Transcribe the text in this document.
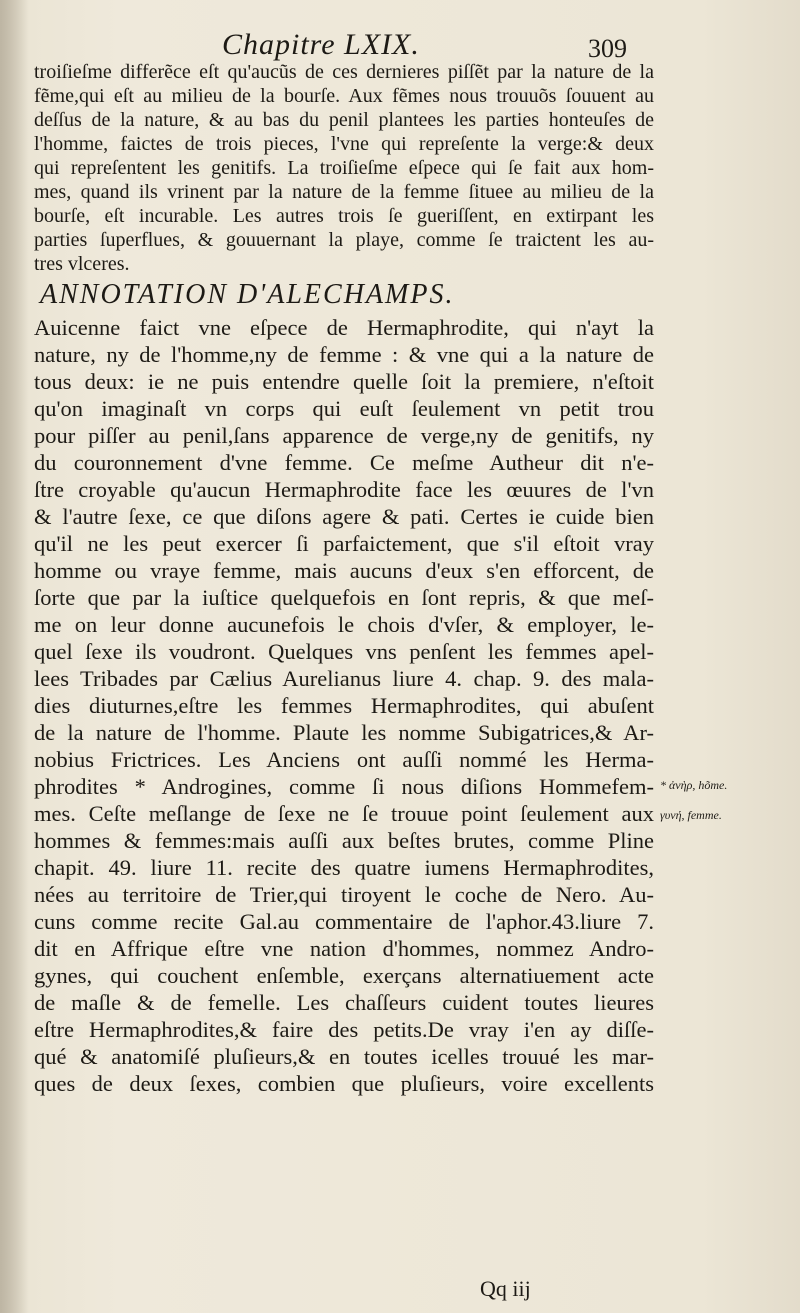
Chapitre LXIX.	309
troiſieſme differẽce eſt qu'aucũs de ces dernieres piſſẽt par la nature de la
fẽme,qui eſt au milieu de la bourſe. Aux fẽmes nous trouuõs ſouuent au
deſſus de la nature, & au bas du penil plantees les parties honteuſes de
l'homme, faictes de trois pieces, l'vne qui repreſente la verge:& deux
qui repreſentent les genitifs. La troiſieſme eſpece qui ſe fait aux hom-
mes, quand ils vrinent par la nature de la femme ſituee au milieu de la
bourſe, eſt incurable. Les autres trois ſe gueriſſent, en extirpant les
parties ſuperflues, & gouuernant la playe, comme ſe traictent les au-
tres vlceres.
ANNOTATION D'ALECHAMPS.
Auicenne faict vne eſpece de Hermaphrodite, qui n'ayt la
nature, ny de l'homme,ny de femme : & vne qui a la nature de
tous deux: ie ne puis entendre quelle ſoit la premiere, n'eſtoit
qu'on imaginaſt vn corps qui euſt ſeulement vn petit trou
pour piſſer au penil,ſans apparence de verge,ny de genitifs, ny
du couronnement d'vne femme. Ce meſme Autheur dit n'e-
ſtre croyable qu'aucun Hermaphrodite face les œuures de l'vn
& l'autre ſexe, ce que diſons agere & pati. Certes ie cuide bien
qu'il ne les peut exercer ſi parfaictement, que s'il eſtoit vray
homme ou vraye femme, mais aucuns d'eux s'en efforcent, de
ſorte que par la iuſtice quelquefois en ſont repris, & que meſ-
me on leur donne aucunefois le chois d'vſer, & employer, le-
quel ſexe ils voudront. Quelques vns penſent les femmes apel-
lees Tribades par Cælius Aurelianus liure 4. chap. 9. des mala-
dies diuturnes,eſtre les femmes Hermaphrodites, qui abuſent
de la nature de l'homme. Plaute les nomme Subigatrices,& Ar-
nobius Frictrices. Les Anciens ont auſſi nommé les Herma-
phrodites * Androgines, comme ſi nous diſions Hommefem-
mes. Ceſte meſlange de ſexe ne ſe trouue point ſeulement aux
hommes & femmes:mais auſſi aux beſtes brutes, comme Pline
chapit. 49. liure 11. recite des quatre iumens Hermaphrodites,
nées au territoire de Trier,qui tiroyent le coche de Nero. Au-
cuns comme recite Gal.au commentaire de l'aphor.43.liure 7.
dit en Affrique eſtre vne nation d'hommes, nommez Andro-
gynes, qui couchent enſemble, exerçans alternatiuement acte
de maſle & de femelle. Les chaſſeurs cuident toutes lieures
eſtre Hermaphrodites,& faire des petits.De vray i'en ay diſſe-
qué & anatomiſé pluſieurs,& en toutes icelles trouué les mar-
ques de deux ſexes, combien que pluſieurs, voire excellents
* ἀνὴρ, hõme.
γυνή, femme.
Qq iij
